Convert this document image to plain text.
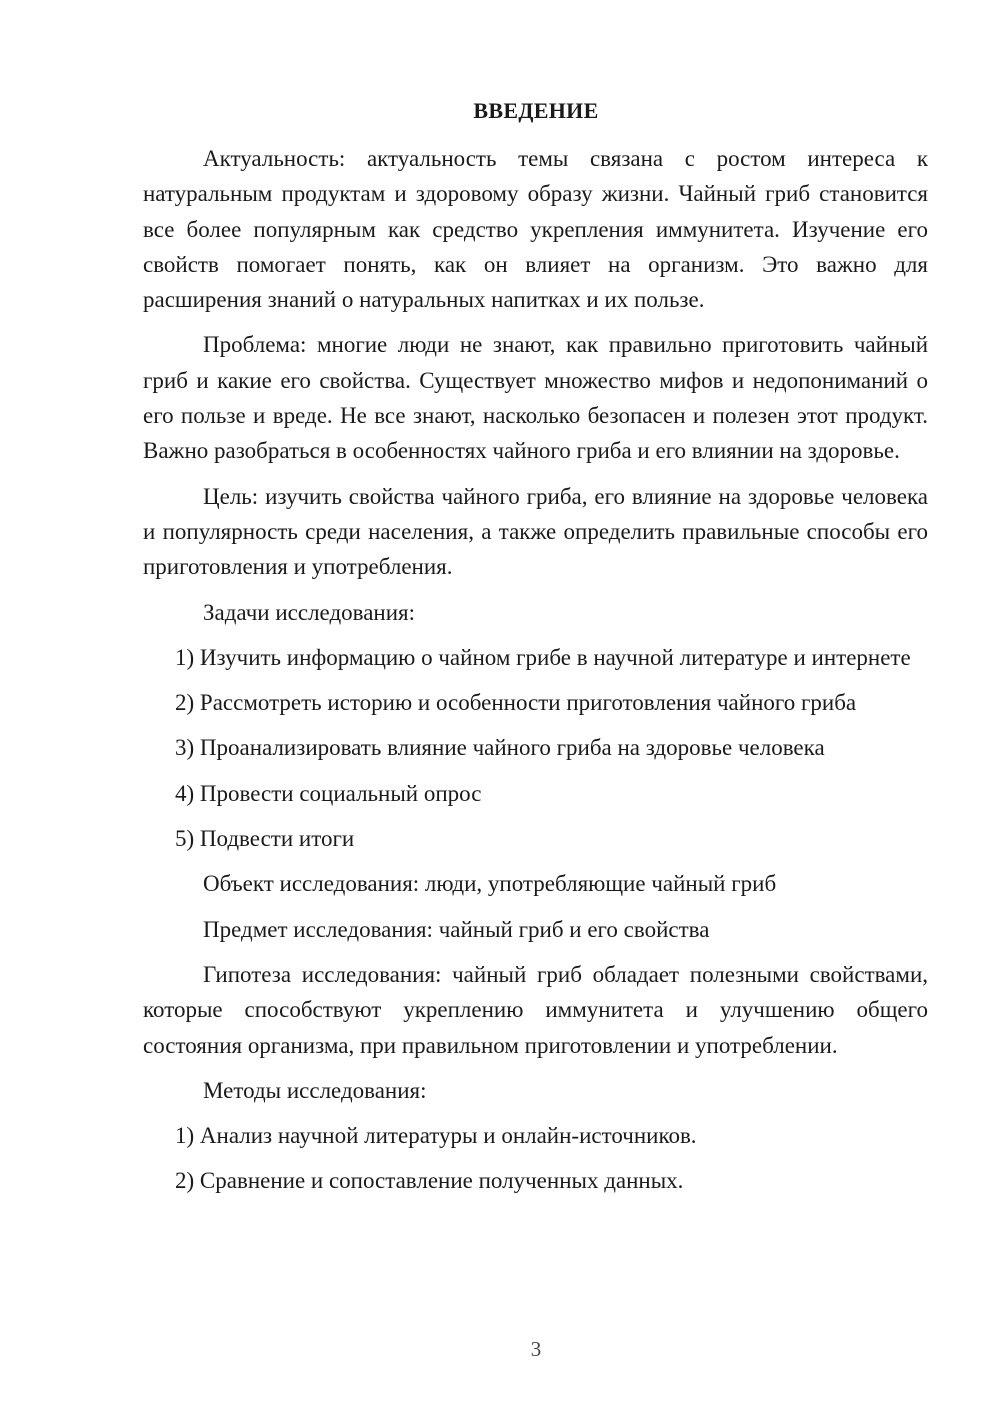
ВВЕДЕНИЕ

Актуальность: актуальность темы связана с ростом интереса к натуральным продуктам и здоровому образу жизни. Чайный гриб становится все более популярным как средство укрепления иммунитета. Изучение его свойств помогает понять, как он влияет на организм. Это важно для расширения знаний о натуральных напитках и их пользе.

Проблема: многие люди не знают, как правильно приготовить чайный гриб и какие его свойства. Существует множество мифов и недопониманий о его пользе и вреде. Не все знают, насколько безопасен и полезен этот продукт. Важно разобраться в особенностях чайного гриба и его влиянии на здоровье.

Цель: изучить свойства чайного гриба, его влияние на здоровье человека и популярность среди населения, а также определить правильные способы его приготовления и употребления.

Задачи исследования:

1) Изучить информацию о чайном грибе в научной литературе и интернете

2) Рассмотреть историю и особенности приготовления чайного гриба

3) Проанализировать влияние чайного гриба на здоровье человека

4) Провести социальный опрос

5) Подвести итоги

Объект исследования: люди, употребляющие чайный гриб

Предмет исследования: чайный гриб и его свойства

Гипотеза исследования: чайный гриб обладает полезными свойствами, которые способствуют укреплению иммунитета и улучшению общего состояния организма, при правильном приготовлении и употреблении.

Методы исследования:

1) Анализ научной литературы и онлайн-источников.

2) Сравнение и сопоставление полученных данных.

3
